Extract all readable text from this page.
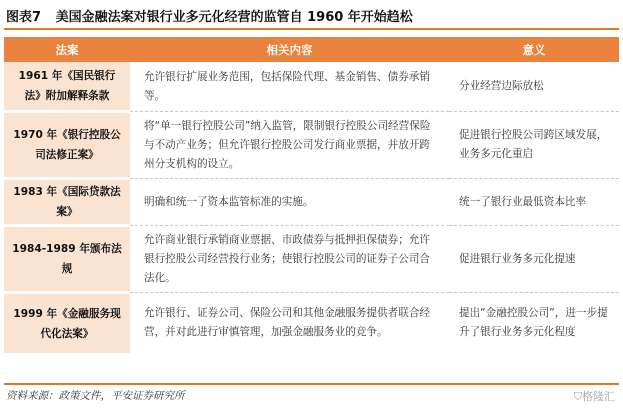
图表7 美国金融法案对银行业多元化经营的监管自 1960 年开始趋松
法案	相关内容	意义
1961 年《国民银行法》附加解释条款	允许银行扩展业务范围，包括保险代理、基金销售、债券承销等。	分业经营边际放松
1970 年《银行控股公司法修正案》	将“单一银行控股公司”纳入监管，限制银行控股公司经营保险与不动产业务；但允许银行控股公司发行商业票据，并放开跨州分支机构的设立。	促进银行控股公司跨区域发展，业务多元化重启
1983 年《国际贷款法案》	明确和统一了资本监管标准的实施。	统一了银行业最低资本比率
1984-1989 年颁布法规	允许商业银行承销商业票据、市政债券与抵押担保债券；允许银行控股公司经营投行业务；使银行控股公司的证券子公司合法化。	促进银行业务多元化提速
1999 年《金融服务现代化法案》	允许银行、证券公司、保险公司和其他金融服务提供者联合经营，并对此进行审慎管理，加强金融服务业的竞争。	提出“金融控股公司”，进一步提升了银行业务多元化程度
资料来源：政策文件，平安证券研究所	⛉格隆汇
